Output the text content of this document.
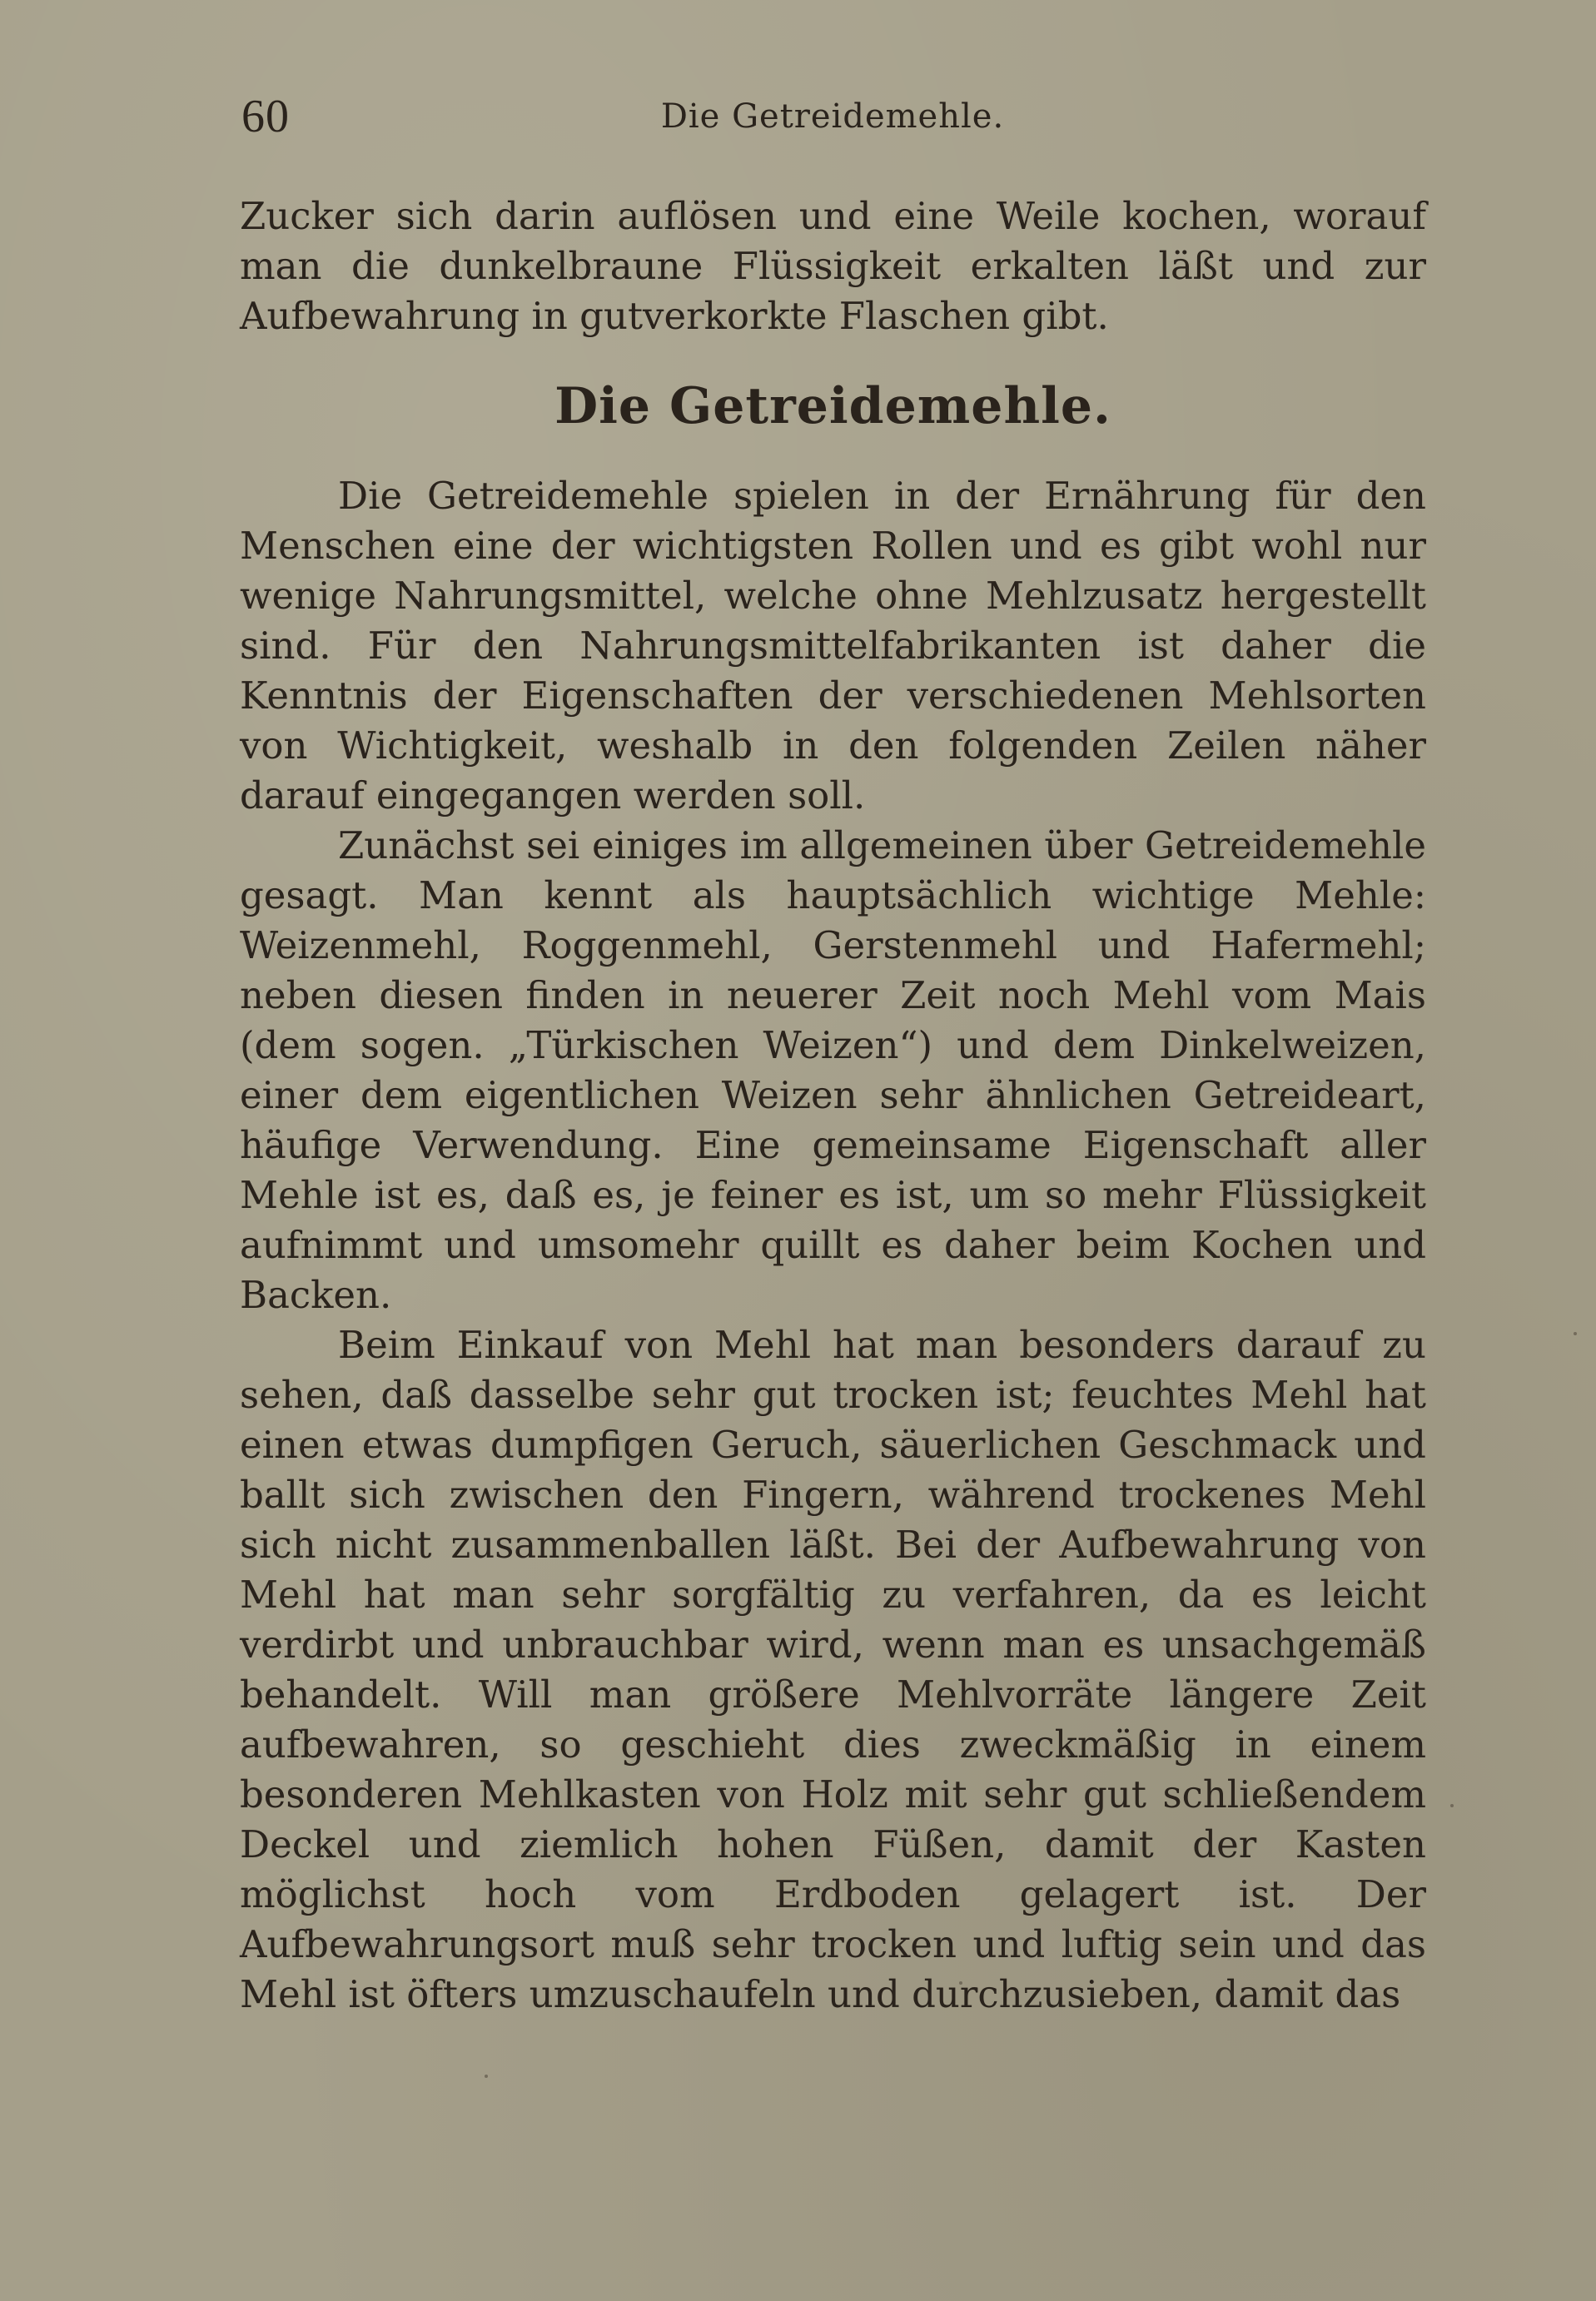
60	Die Getreidemehle.

Zucker sich darin auflösen und eine Weile kochen, worauf man die dunkelbraune Flüssigkeit erkalten läßt und zur Aufbewahrung in gutverkorkte Flaschen gibt.

Die Getreidemehle.

Die Getreidemehle spielen in der Ernährung für den Menschen eine der wichtigsten Rollen und es gibt wohl nur wenige Nahrungsmittel, welche ohne Mehlzusatz hergestellt sind. Für den Nahrungsmittelfabrikanten ist daher die Kenntnis der Eigenschaften der verschiedenen Mehlsorten von Wichtigkeit, weshalb in den folgenden Zeilen näher darauf eingegangen werden soll.

Zunächst sei einiges im allgemeinen über Getreidemehle gesagt. Man kennt als hauptsächlich wichtige Mehle: Weizenmehl, Roggenmehl, Gerstenmehl und Hafermehl; neben diesen finden in neuerer Zeit noch Mehl vom Mais (dem sogen. „Türkischen Weizen“) und dem Dinkelweizen, einer dem eigentlichen Weizen sehr ähnlichen Getreideart, häufige Verwendung. Eine gemeinsame Eigenschaft aller Mehle ist es, daß es, je feiner es ist, um so mehr Flüssigkeit aufnimmt und umsomehr quillt es daher beim Kochen und Backen.

Beim Einkauf von Mehl hat man besonders darauf zu sehen, daß dasselbe sehr gut trocken ist; feuchtes Mehl hat einen etwas dumpfigen Geruch, säuerlichen Geschmack und ballt sich zwischen den Fingern, während trockenes Mehl sich nicht zusammenballen läßt. Bei der Aufbewahrung von Mehl hat man sehr sorgfältig zu verfahren, da es leicht verdirbt und unbrauchbar wird, wenn man es unsachgemäß behandelt. Will man größere Mehlvorräte längere Zeit aufbewahren, so geschieht dies zweckmäßig in einem besonderen Mehlkasten von Holz mit sehr gut schließendem Deckel und ziemlich hohen Füßen, damit der Kasten möglichst hoch vom Erdboden gelagert ist. Der Aufbewahrungsort muß sehr trocken und luftig sein und das Mehl ist öfters umzuschaufeln und durchzusieben, damit das
